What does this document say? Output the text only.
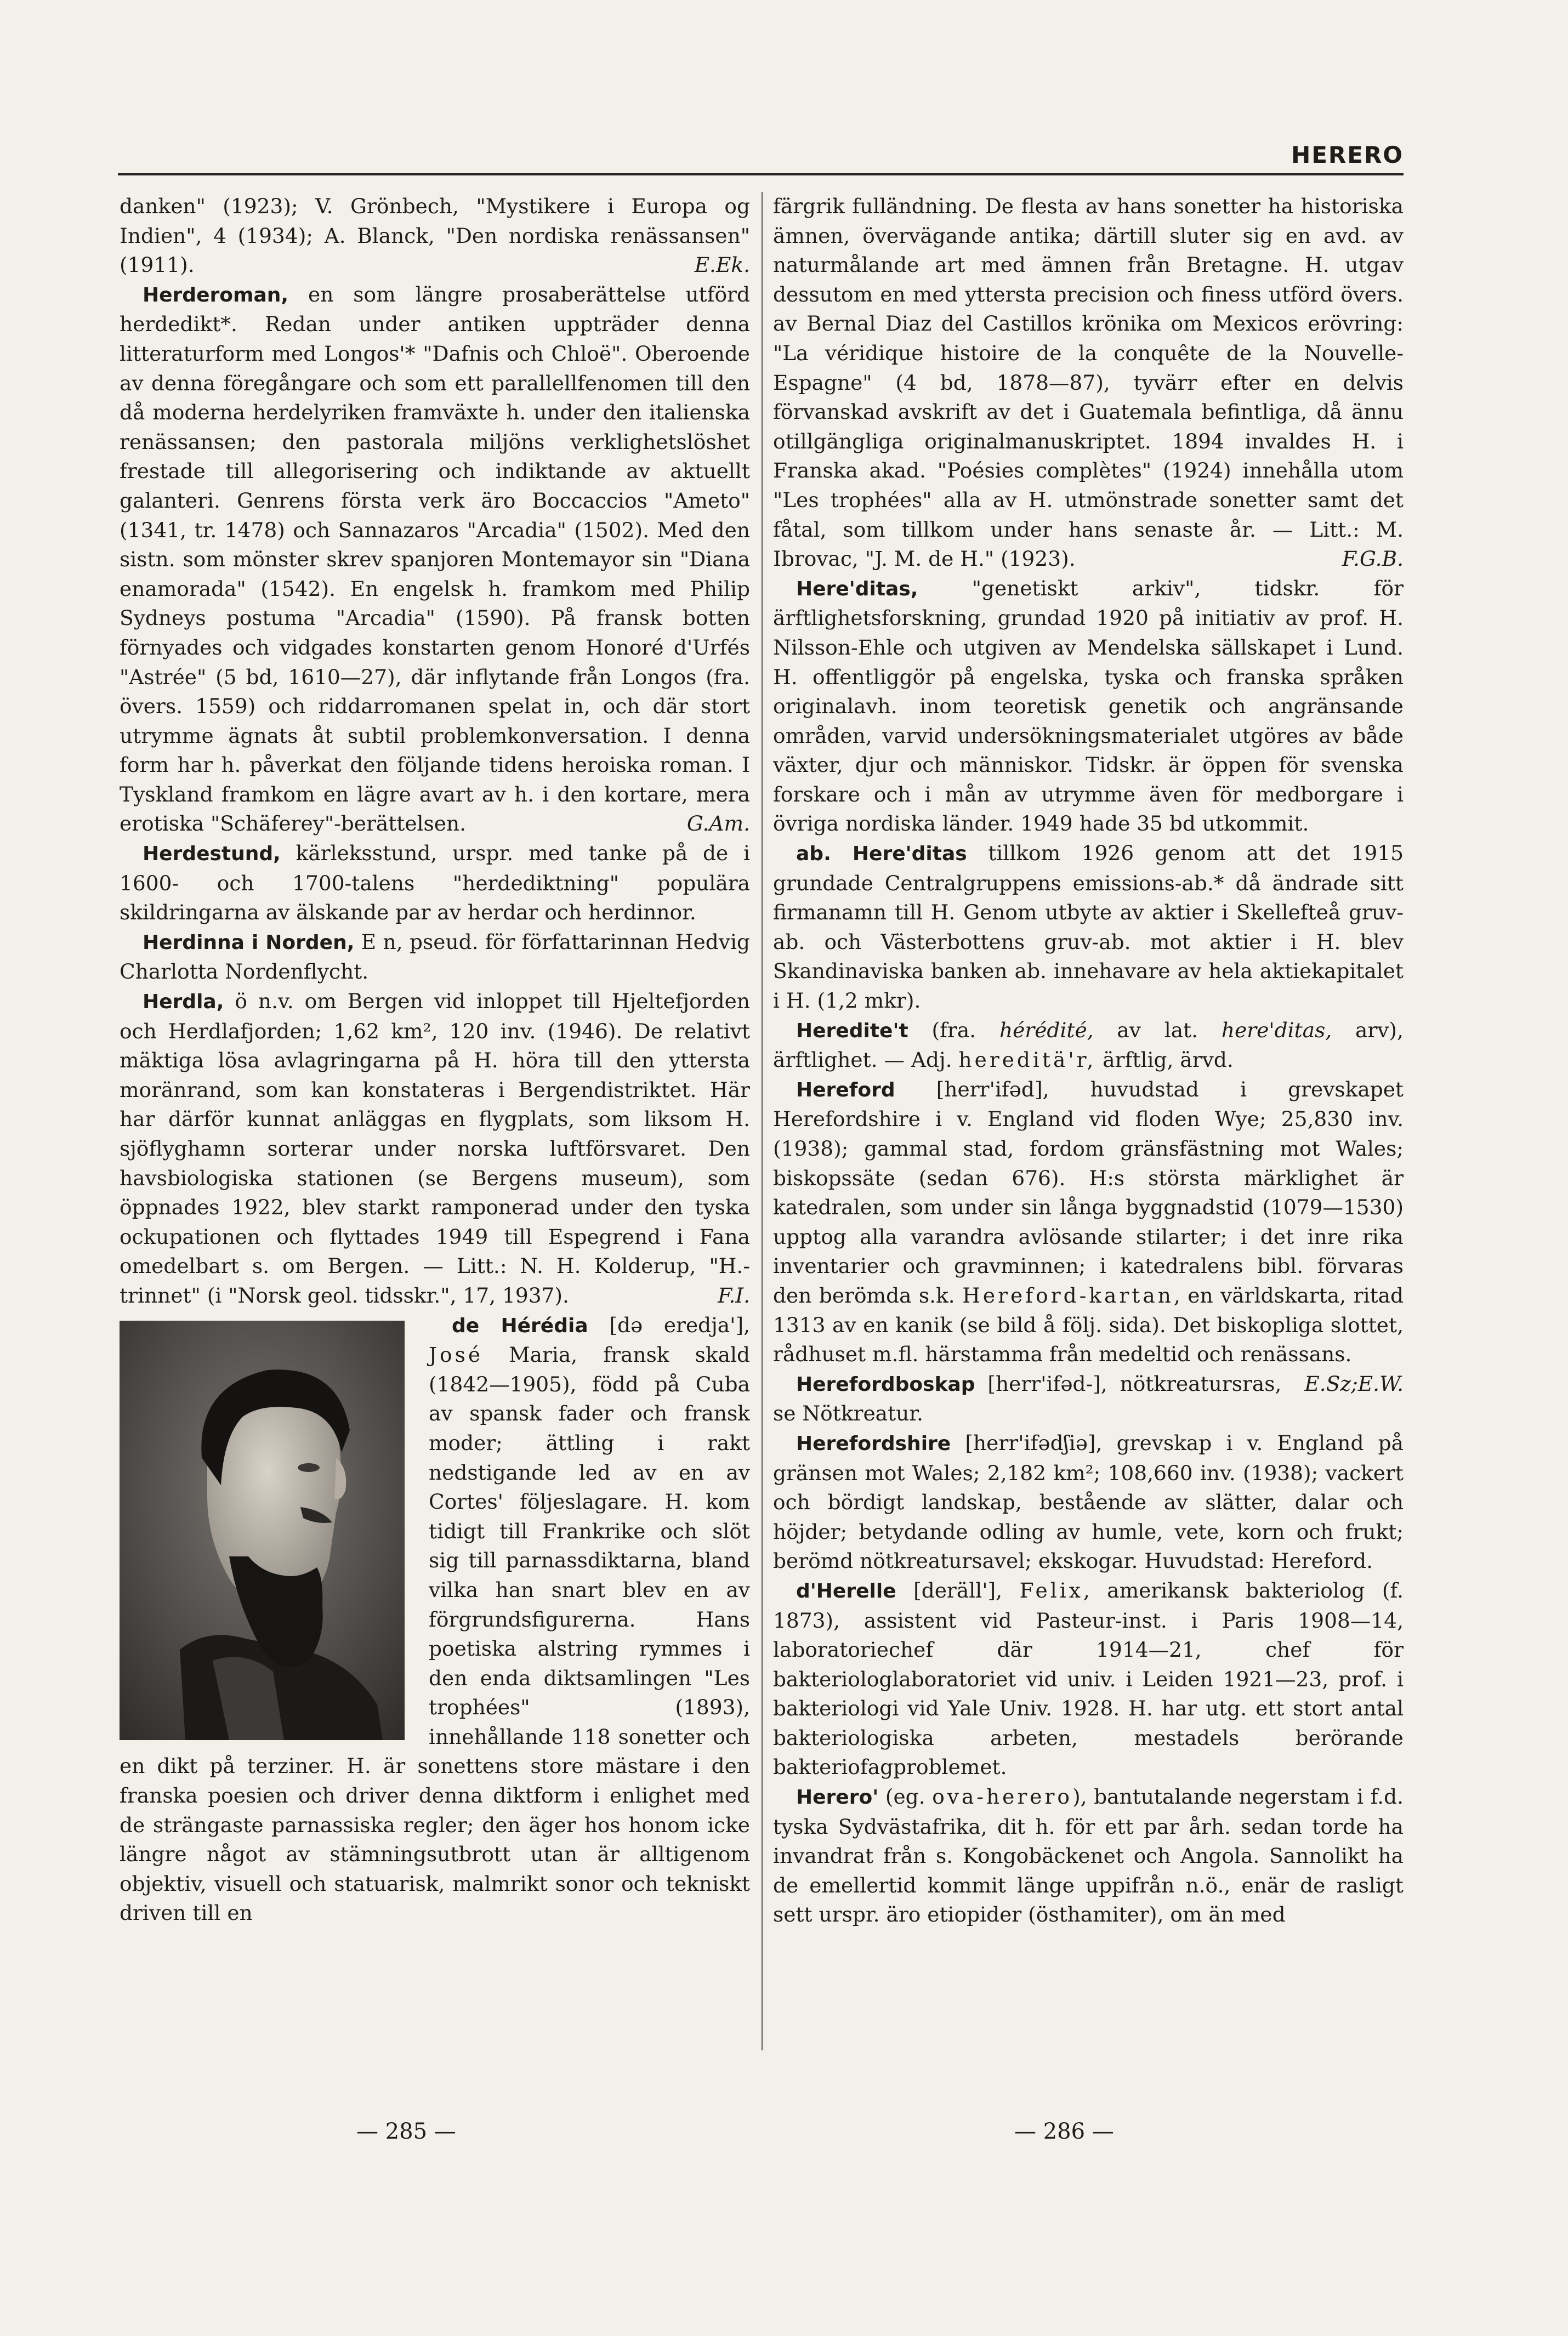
HERERO

danken" (1923); V. Grönbech, "Mystikere i Europa og Indien", 4 (1934); A. Blanck, "Den nordiska renässansen" (1911).	E.Ek.

Herderoman, en som längre prosaberättelse utförd herdedikt*. Redan under antiken uppträder denna litteraturform med Longos'* "Dafnis och Chloë". Oberoende av denna föregångare och som ett parallellfenomen till den då moderna herdelyriken framväxte h. under den italienska renässansen; den pastorala miljöns verklighetslöshet frestade till allegorisering och indiktande av aktuellt galanteri. Genrens första verk äro Boccaccios "Ameto" (1341, tr. 1478) och Sannazaros "Arcadia" (1502). Med den sistn. som mönster skrev spanjoren Montemayor sin "Diana enamorada" (1542). En engelsk h. framkom med Philip Sydneys postuma "Arcadia" (1590). På fransk botten förnyades och vidgades konstarten genom Honoré d'Urfés "Astrée" (5 bd, 1610—27), där inflytande från Longos (fra. övers. 1559) och riddarromanen spelat in, och där stort utrymme ägnats åt subtil problemkonversation. I denna form har h. påverkat den följande tidens heroiska roman. I Tyskland framkom en lägre avart av h. i den kortare, mera erotiska "Schäferey"-berättelsen.	G.Am.

Herdestund, kärleksstund, urspr. med tanke på de i 1600- och 1700-talens "herdediktning" populära skildringarna av älskande par av herdar och herdinnor.

Herdinna i Norden, E n, pseud. för författarinnan Hedvig Charlotta Nordenflycht.

Herdla, ö n.v. om Bergen vid inloppet till Hjeltefjorden och Herdlafjorden; 1,62 km², 120 inv. (1946). De relativt mäktiga lösa avlagringarna på H. höra till den yttersta moränrand, som kan konstateras i Bergendistriktet. Här har därför kunnat anläggas en flygplats, som liksom H. sjöflyghamn sorterar under norska luftförsvaret. Den havsbiologiska stationen (se Bergens museum), som öppnades 1922, blev starkt ramponerad under den tyska ockupationen och flyttades 1949 till Espegrend i Fana omedelbart s. om Bergen. — Litt.: N. H. Kolderup, "H.-trinnet" (i "Norsk geol. tidsskr.", 17, 1937).	F.I.

de Hérédia [də eredja'], José Maria, fransk skald (1842—1905), född på Cuba av spansk fader och fransk moder; ättling i rakt nedstigande led av en av Cortes' följeslagare. H. kom tidigt till Frankrike och slöt sig till parnassdiktarna, bland vilka han snart blev en av förgrundsfigurerna. Hans poetiska alstring rymmes i den enda diktsamlingen "Les trophées" (1893), innehållande 118 sonetter och en dikt på terziner. H. är sonettens store mästare i den franska poesien och driver denna diktform i enlighet med de strängaste parnassiska regler; den äger hos honom icke längre något av stämningsutbrott utan är alltigenom objektiv, visuell och statuarisk, malmrikt sonor och tekniskt driven till en

färgrik fulländning. De flesta av hans sonetter ha historiska ämnen, övervägande antika; därtill sluter sig en avd. av naturmålande art med ämnen från Bretagne. H. utgav dessutom en med yttersta precision och finess utförd övers. av Bernal Diaz del Castillos krönika om Mexicos erövring: "La véridique histoire de la conquête de la Nouvelle-Espagne" (4 bd, 1878—87), tyvärr efter en delvis förvanskad avskrift av det i Guatemala befintliga, då ännu otillgängliga originalmanuskriptet. 1894 invaldes H. i Franska akad. "Poésies complètes" (1924) innehålla utom "Les trophées" alla av H. utmönstrade sonetter samt det fåtal, som tillkom under hans senaste år. — Litt.: M. Ibrovac, "J. M. de H." (1923).	F.G.B.

Here'ditas, "genetiskt arkiv", tidskr. för ärftlighetsforskning, grundad 1920 på initiativ av prof. H. Nilsson-Ehle och utgiven av Mendelska sällskapet i Lund. H. offentliggör på engelska, tyska och franska språken originalavh. inom teoretisk genetik och angränsande områden, varvid undersökningsmaterialet utgöres av både växter, djur och människor. Tidskr. är öppen för svenska forskare och i mån av utrymme även för medborgare i övriga nordiska länder. 1949 hade 35 bd utkommit.

ab. Here'ditas tillkom 1926 genom att det 1915 grundade Centralgruppens emissions-ab.* då ändrade sitt firmanamn till H. Genom utbyte av aktier i Skellefteå gruv-ab. och Västerbottens gruv-ab. mot aktier i H. blev Skandinaviska banken ab. innehavare av hela aktiekapitalet i H. (1,2 mkr).

Heredite't (fra. hérédité, av lat. here'ditas, arv), ärftlighet. — Adj. hereditä'r, ärftlig, ärvd.

Hereford [herr'ifəd], huvudstad i grevskapet Herefordshire i v. England vid floden Wye; 25,830 inv. (1938); gammal stad, fordom gränsfästning mot Wales; biskopssäte (sedan 676). H:s största märklighet är katedralen, som under sin långa byggnadstid (1079—1530) upptog alla varandra avlösande stilarter; i det inre rika inventarier och gravminnen; i katedralens bibl. förvaras den berömda s.k. Hereford-kartan, en världskarta, ritad 1313 av en kanik (se bild å följ. sida). Det biskopliga slottet, rådhuset m.fl. härstamma från medeltid och renässans.
E.Sz;E.W.

Herefordboskap [herr'ifəd-], nötkreatursras, se Nötkreatur.

Herefordshire [herr'ifədʃiə], grevskap i v. England på gränsen mot Wales; 2,182 km²; 108,660 inv. (1938); vackert och bördigt landskap, bestående av slätter, dalar och höjder; betydande odling av humle, vete, korn och frukt; berömd nötkreatursavel; ekskogar. Huvudstad: Hereford.

d'Herelle [deräll'], Felix, amerikansk bakteriolog (f. 1873), assistent vid Pasteur-inst. i Paris 1908—14, laboratoriechef där 1914—21, chef för bakteriologlaboratoriet vid univ. i Leiden 1921—23, prof. i bakteriologi vid Yale Univ. 1928. H. har utg. ett stort antal bakteriologiska arbeten, mestadels berörande bakteriofagproblemet.

Herero' (eg. ova-herero), bantutalande negerstam i f.d. tyska Sydvästafrika, dit h. för ett par årh. sedan torde ha invandrat från s. Kongobäckenet och Angola. Sannolikt ha de emellertid kommit länge uppifrån n.ö., enär de rasligt sett urspr. äro etiopider (östhamiter), om än med

— 285 —	— 286 —
